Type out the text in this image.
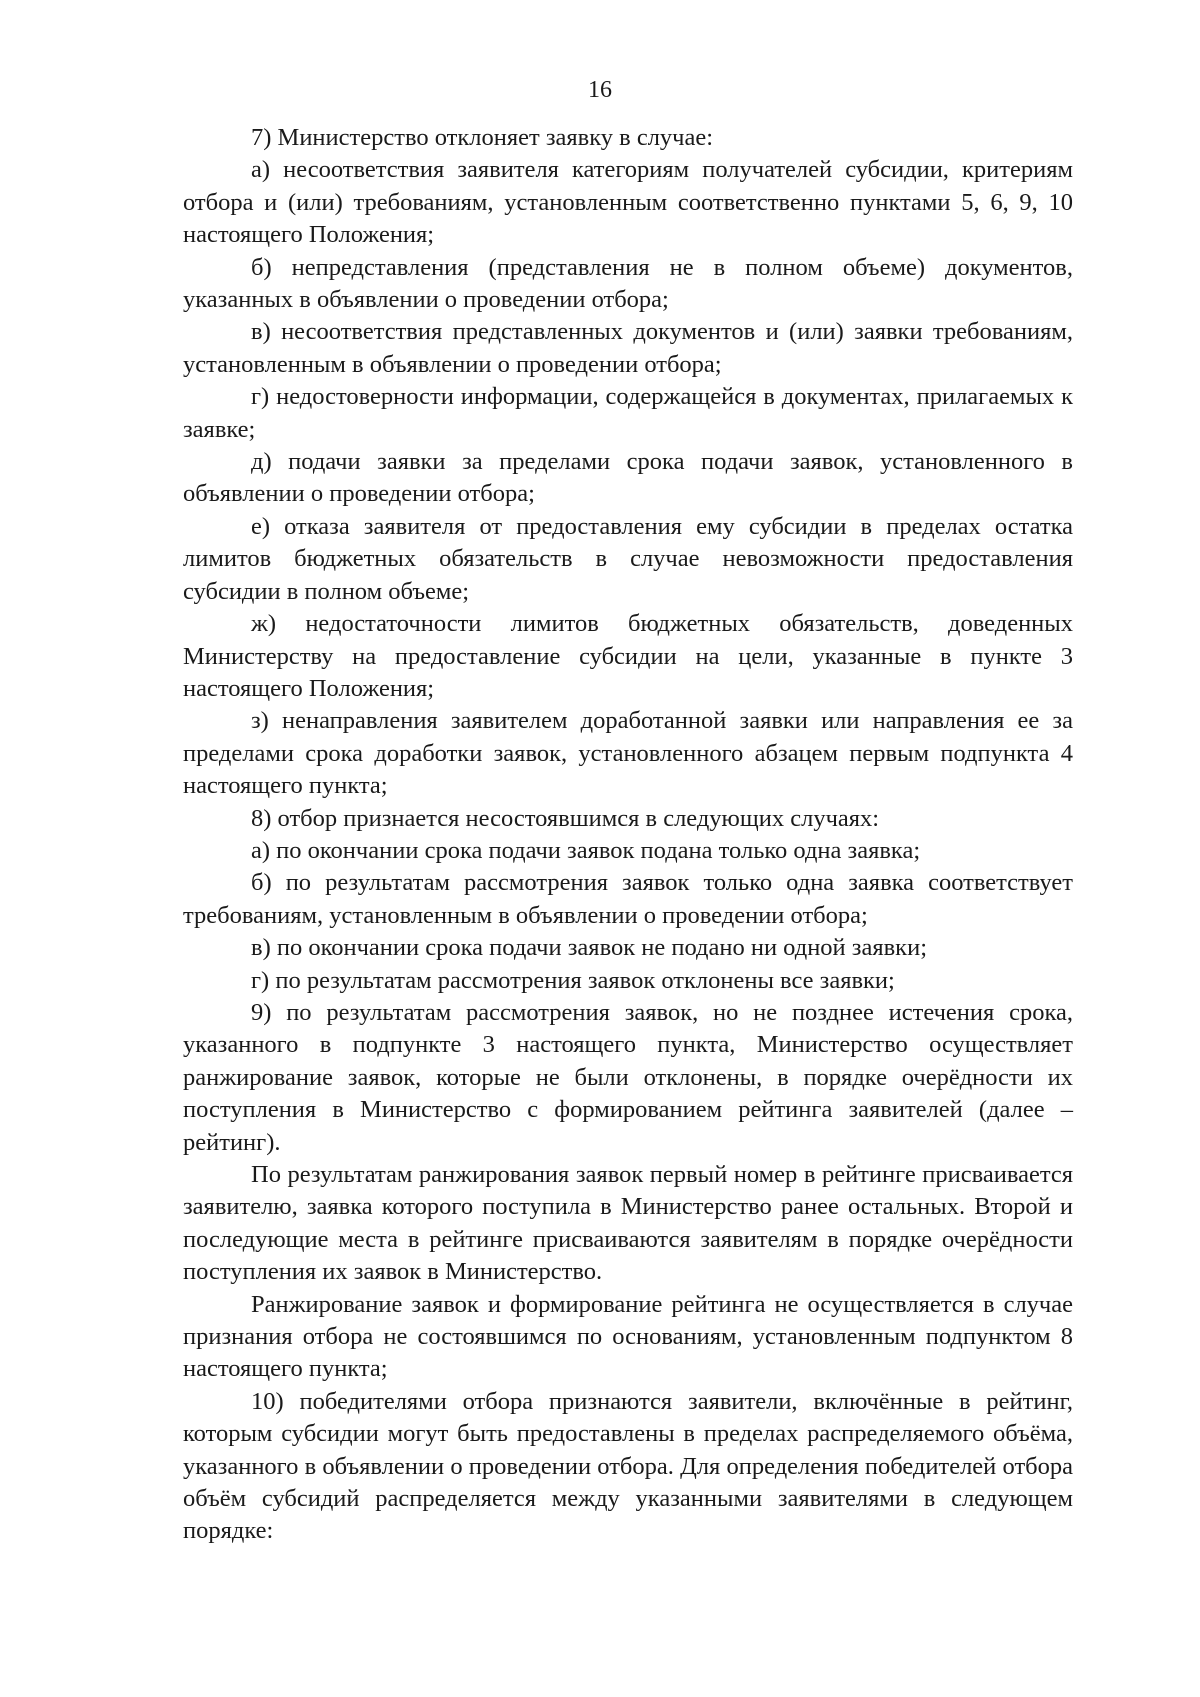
16

7) Министерство отклоняет заявку в случае:

а) несоответствия заявителя категориям получателей субсидии, критериям отбора и (или) требованиям, установленным соответственно пунктами 5, 6, 9, 10 настоящего Положения;

б) непредставления (представления не в полном объеме) документов, указанных в объявлении о проведении отбора;

в) несоответствия представленных документов и (или) заявки требованиям, установленным в объявлении о проведении отбора;

г) недостоверности информации, содержащейся в документах, прилагаемых к заявке;

д) подачи заявки за пределами срока подачи заявок, установленного в объявлении о проведении отбора;

е) отказа заявителя от предоставления ему субсидии в пределах остатка лимитов бюджетных обязательств в случае невозможности предоставления субсидии в полном объеме;

ж) недостаточности лимитов бюджетных обязательств, доведенных Министерству на предоставление субсидии на цели, указанные в пункте 3 настоящего Положения;

з) ненаправления заявителем доработанной заявки или направления ее за пределами срока доработки заявок, установленного абзацем первым подпункта 4 настоящего пункта;

8) отбор признается несостоявшимся в следующих случаях:

а) по окончании срока подачи заявок подана только одна заявка;

б) по результатам рассмотрения заявок только одна заявка соответствует требованиям, установленным в объявлении о проведении отбора;

в) по окончании срока подачи заявок не подано ни одной заявки;

г) по результатам рассмотрения заявок отклонены все заявки;

9) по результатам рассмотрения заявок, но не позднее истечения срока, указанного в подпункте 3 настоящего пункта, Министерство осуществляет ранжирование заявок, которые не были отклонены, в порядке очерёдности их поступления в Министерство с формированием рейтинга заявителей (далее – рейтинг).

По результатам ранжирования заявок первый номер в рейтинге присваивается заявителю, заявка которого поступила в Министерство ранее остальных. Второй и последующие места в рейтинге присваиваются заявителям в порядке очерёдности поступления их заявок в Министерство.

Ранжирование заявок и формирование рейтинга не осуществляется в случае признания отбора не состоявшимся по основаниям, установленным подпунктом 8 настоящего пункта;

10) победителями отбора признаются заявители, включённые в рейтинг, которым субсидии могут быть предоставлены в пределах распределяемого объёма, указанного в объявлении о проведении отбора. Для определения победителей отбора объём субсидий распределяется между указанными заявителями в следующем порядке:
